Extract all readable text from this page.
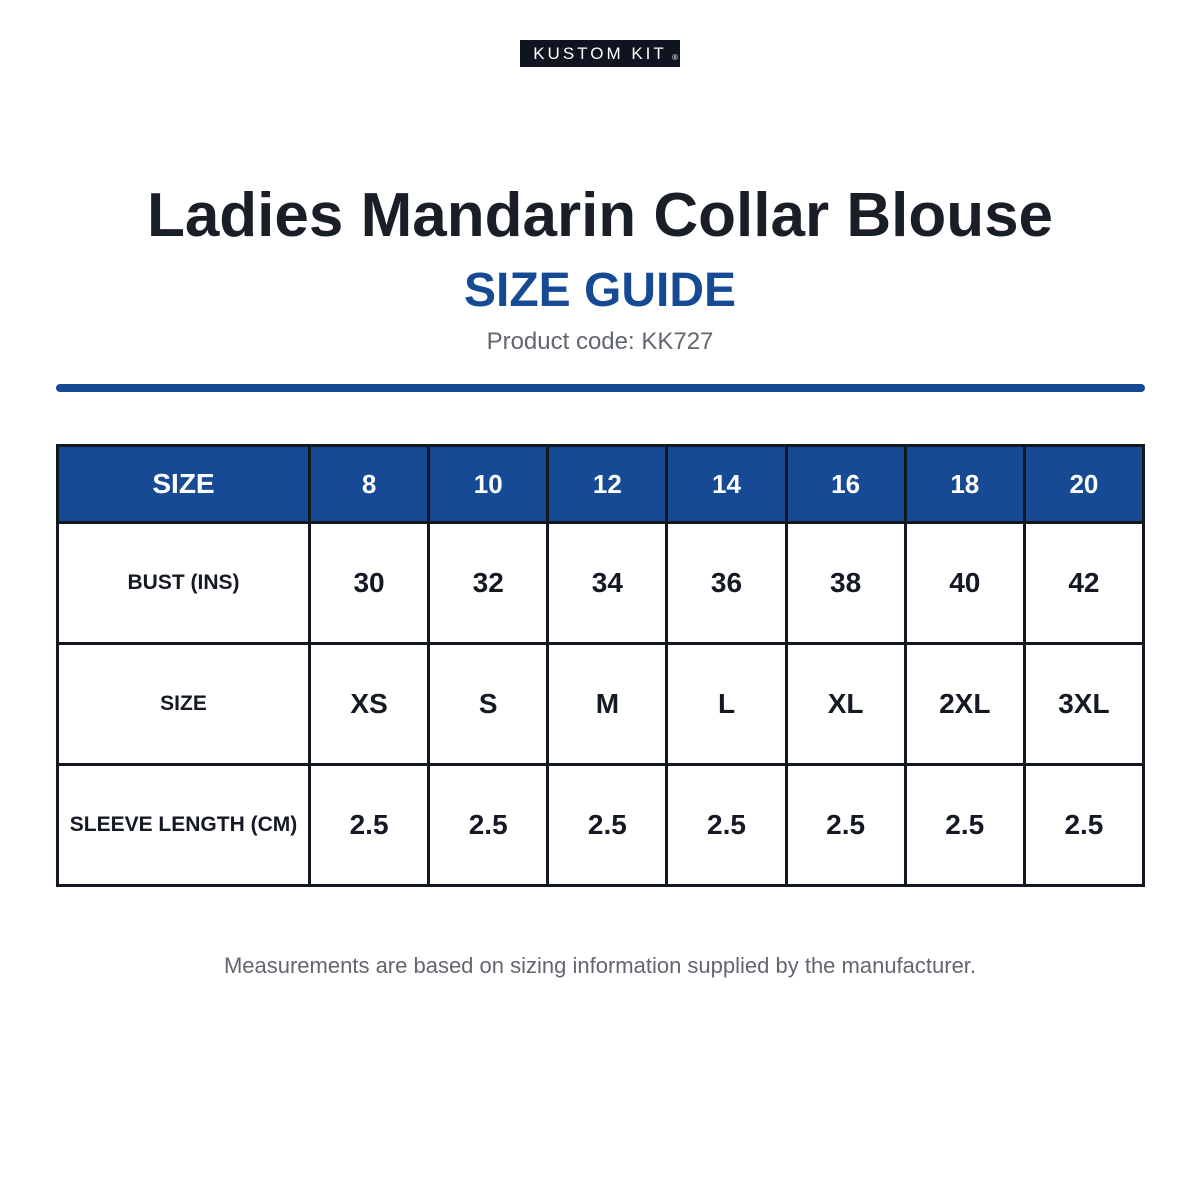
KUSTOM KIT ®
Ladies Mandarin Collar Blouse
SIZE GUIDE
Product code: KK727
SIZE	8	10	12	14	16	18	20
BUST (INS)	30	32	34	36	38	40	42
SIZE	XS	S	M	L	XL	2XL	3XL
SLEEVE LENGTH (CM)	2.5	2.5	2.5	2.5	2.5	2.5	2.5
Measurements are based on sizing information supplied by the manufacturer.
